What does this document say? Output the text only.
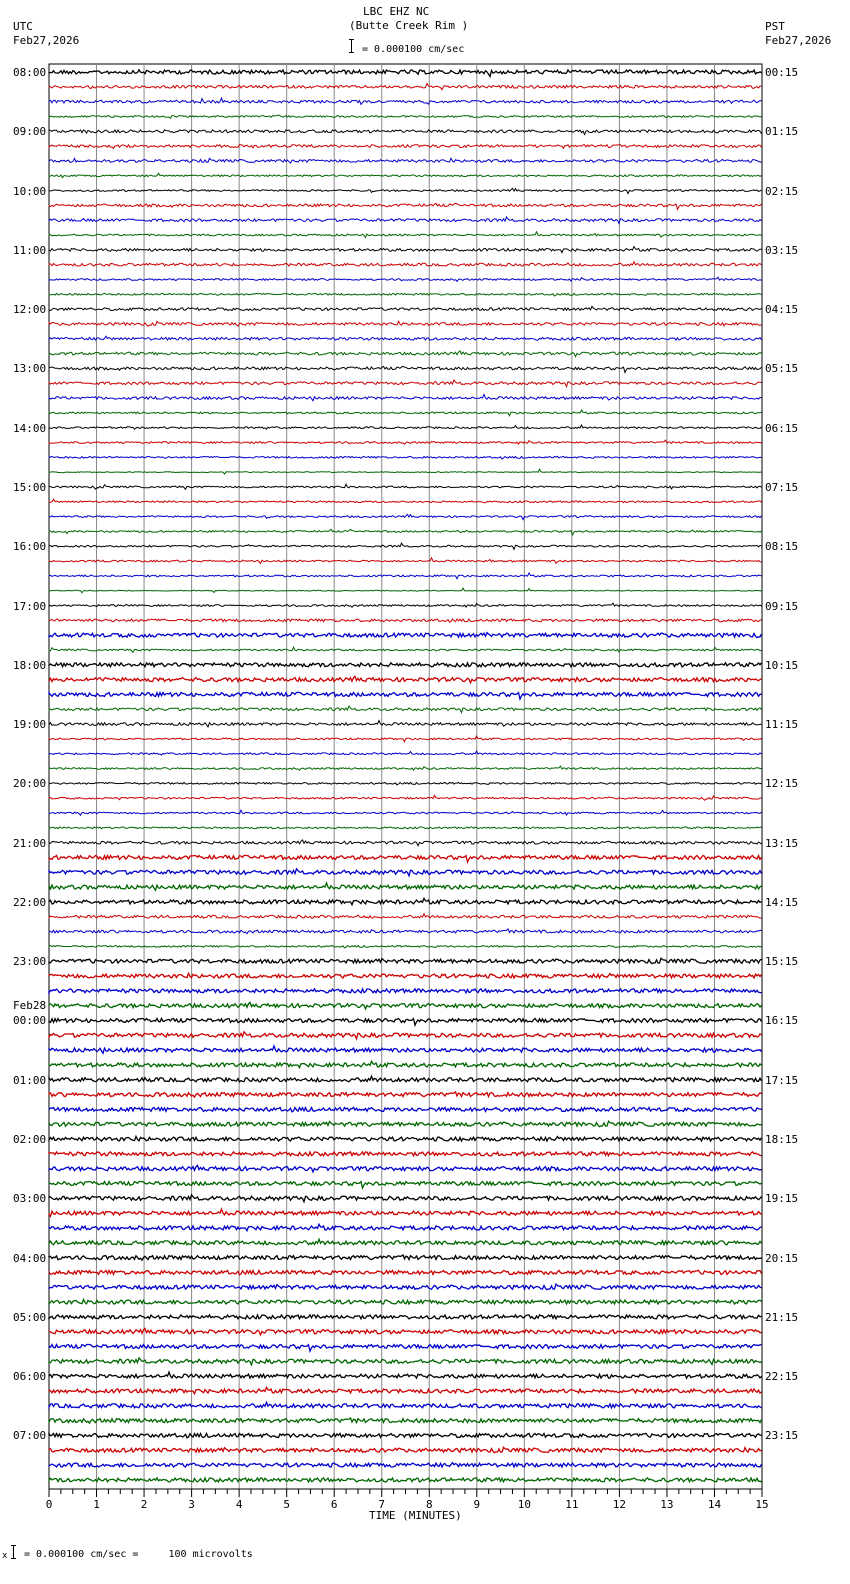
0	1	2	3	4	5	6	7	8	9	10	11	12	13	14	15
LBC EHZ NC
(Butte Creek Rim )
= 0.000100 cm/sec
UTC
Feb27,2026
PST
Feb27,2026
TIME (MINUTES)
x = 0.000100 cm/sec =     100 microvolts
08:00
09:00
10:00
11:00
12:00
13:00
14:00
15:00
16:00
17:00
18:00
19:00
20:00
21:00
22:00
23:00
00:00
01:00
02:00
03:00
04:00
05:00
06:00
07:00
00:15
01:15
02:15
03:15
04:15
05:15
06:15
07:15
08:15
09:15
10:15
11:15
12:15
13:15
14:15
15:15
16:15
17:15
18:15
19:15
20:15
21:15
22:15
23:15
Feb28
